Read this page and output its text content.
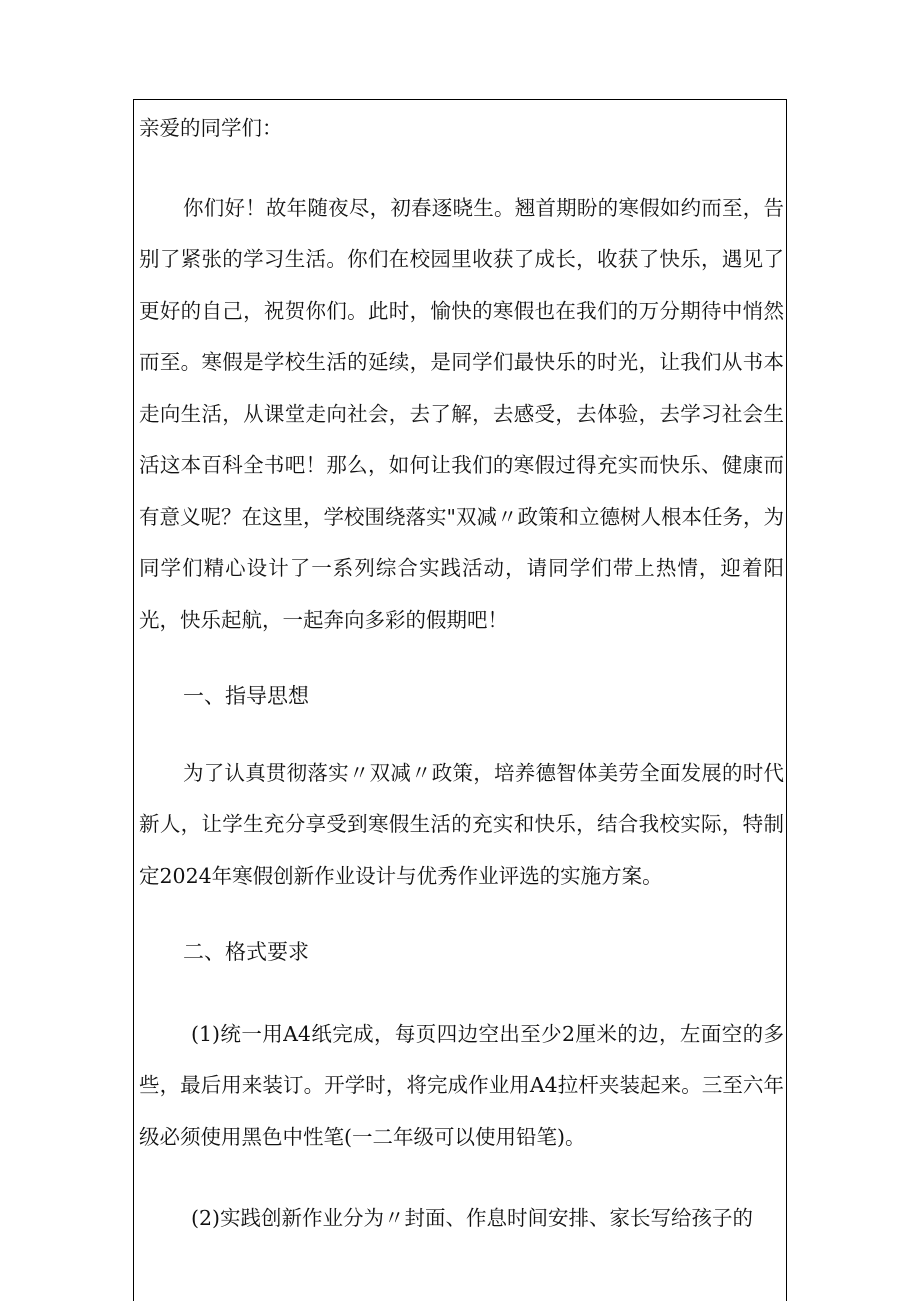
亲爱的同学们：

你们好！故年随夜尽，初春逐晓生。翘首期盼的寒假如约而至，告别了紧张的学习生活。你们在校园里收获了成长，收获了快乐，遇见了更好的自己，祝贺你们。此时，愉快的寒假也在我们的万分期待中悄然而至。寒假是学校生活的延续，是同学们最快乐的时光，让我们从书本走向生活，从课堂走向社会，去了解，去感受，去体验，去学习社会生活这本百科全书吧！那么，如何让我们的寒假过得充实而快乐、健康而有意义呢？在这里，学校围绕落实"双减〃政策和立德树人根本任务，为同学们精心设计了一系列综合实践活动，请同学们带上热情，迎着阳光，快乐起航，一起奔向多彩的假期吧！

一、指导思想

为了认真贯彻落实〃双减〃政策，培养德智体美劳全面发展的时代新人，让学生充分享受到寒假生活的充实和快乐，结合我校实际，特制定2024年寒假创新作业设计与优秀作业评选的实施方案。

二、格式要求

(1)统一用A4纸完成，每页四边空出至少2厘米的边，左面空的多些，最后用来装订。开学时，将完成作业用A4拉杆夹装起来。三至六年级必须使用黑色中性笔(一二年级可以使用铅笔)。

(2)实践创新作业分为〃封面、作息时间安排、家长写给孩子的
